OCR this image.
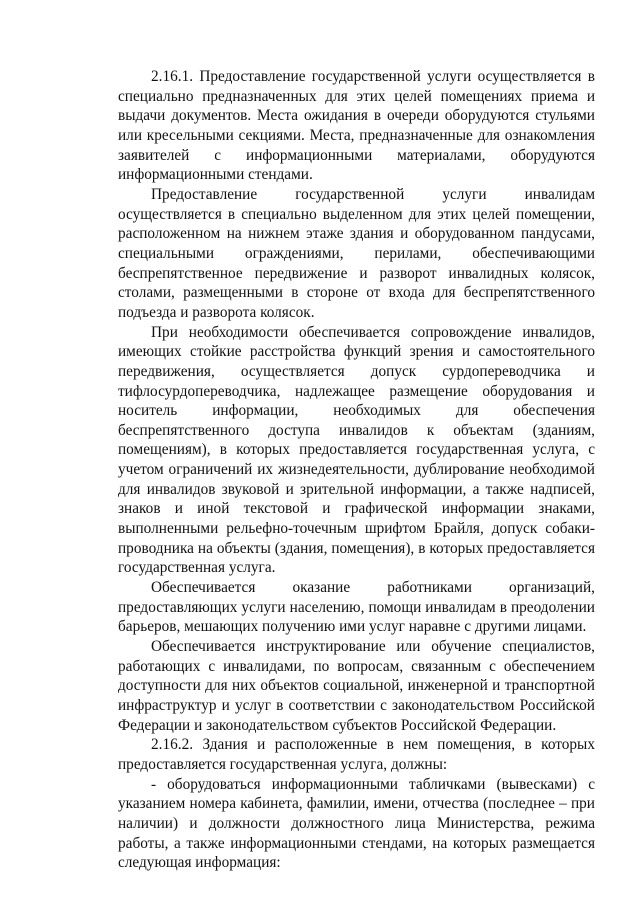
2.16.1. Предоставление государственной услуги осуществляется в специально предназначенных для этих целей помещениях приема и выдачи документов. Места ожидания в очереди оборудуются стульями или кресельными секциями. Места, предназначенные для ознакомления заявителей с информационными материалами, оборудуются информационными стендами.

Предоставление государственной услуги инвалидам осуществляется в специально выделенном для этих целей помещении, расположенном на нижнем этаже здания и оборудованном пандусами, специальными ограждениями, перилами, обеспечивающими беспрепятственное передвижение и разворот инвалидных колясок, столами, размещенными в стороне от входа для беспрепятственного подъезда и разворота колясок.

При необходимости обеспечивается сопровождение инвалидов, имеющих стойкие расстройства функций зрения и самостоятельного передвижения, осуществляется допуск сурдопереводчика и тифлосурдопереводчика, надлежащее размещение оборудования и носитель информации, необходимых для обеспечения беспрепятственного доступа инвалидов к объектам (зданиям, помещениям), в которых предоставляется государственная услуга, с учетом ограничений их жизнедеятельности, дублирование необходимой для инвалидов звуковой и зрительной информации, а также надписей, знаков и иной текстовой и графической информации знаками, выполненными рельефно-точечным шрифтом Брайля, допуск собаки-проводника на объекты (здания, помещения), в которых предоставляется государственная услуга.

Обеспечивается оказание работниками организаций, предоставляющих услуги населению, помощи инвалидам в преодолении барьеров, мешающих получению ими услуг наравне с другими лицами.

Обеспечивается инструктирование или обучение специалистов, работающих с инвалидами, по вопросам, связанным с обеспечением доступности для них объектов социальной, инженерной и транспортной инфраструктур и услуг в соответствии с законодательством Российской Федерации и законодательством субъектов Российской Федерации.

2.16.2. Здания и расположенные в нем помещения, в которых предоставляется государственная услуга, должны:

- оборудоваться информационными табличками (вывесками) с указанием номера кабинета, фамилии, имени, отчества (последнее – при наличии) и должности должностного лица Министерства, режима работы, а также информационными стендами, на которых размещается следующая информация:
